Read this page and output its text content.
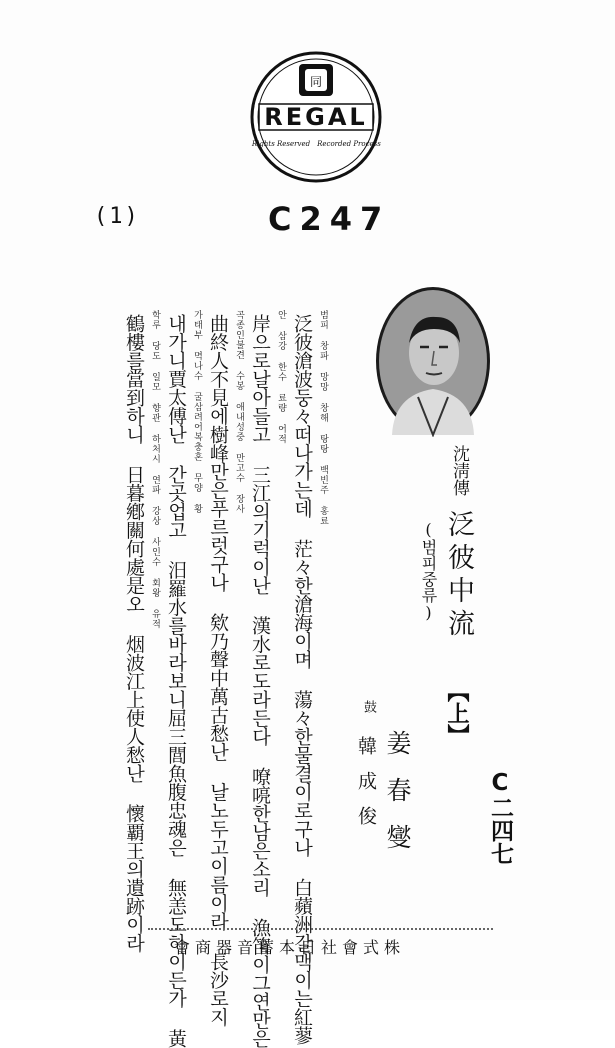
同
REGAL
Rights Reserved Recorded Process
(1)	C247
沈淸傳
泛彼中流
(범피중류)
【上】
姜春燮
鼓
韓成俊	C二四七
범피 창파 망망 창해 탕탕 백빈주 홍료
泛彼滄波둥々떠나가는데 茫々한滄海이며 蕩々한물결이로구나 白蘋洲갈맥이는紅蓼
안 삼강 한수 료량 어적
岸으로날아들고 三江의기럭이난 漢水로도라든다 嘹喨한남은소리 漁笛이그연만은
곡종인불견 수봉 애내성중 만고수 장사
曲終人不見에樹峰만은푸르럿구나 欸乃聲中萬古愁난 날노두고이름이라 長沙로지
가태부 멱나수 굴삼려어복충혼 무양 황
내가니賈太傅난 간곳업고 汨羅水를바라보니屈三閭魚腹忠魂은 無恙도하이든가 黃
학루 당도 일모 향관 하처시 연파 강상 사인수 회왕 유적
鶴樓를當到하니 日暮鄕關何處是오 烟波江上使人愁난 懷覇王의遺跡이라 株式會社日本蓄音器商會
